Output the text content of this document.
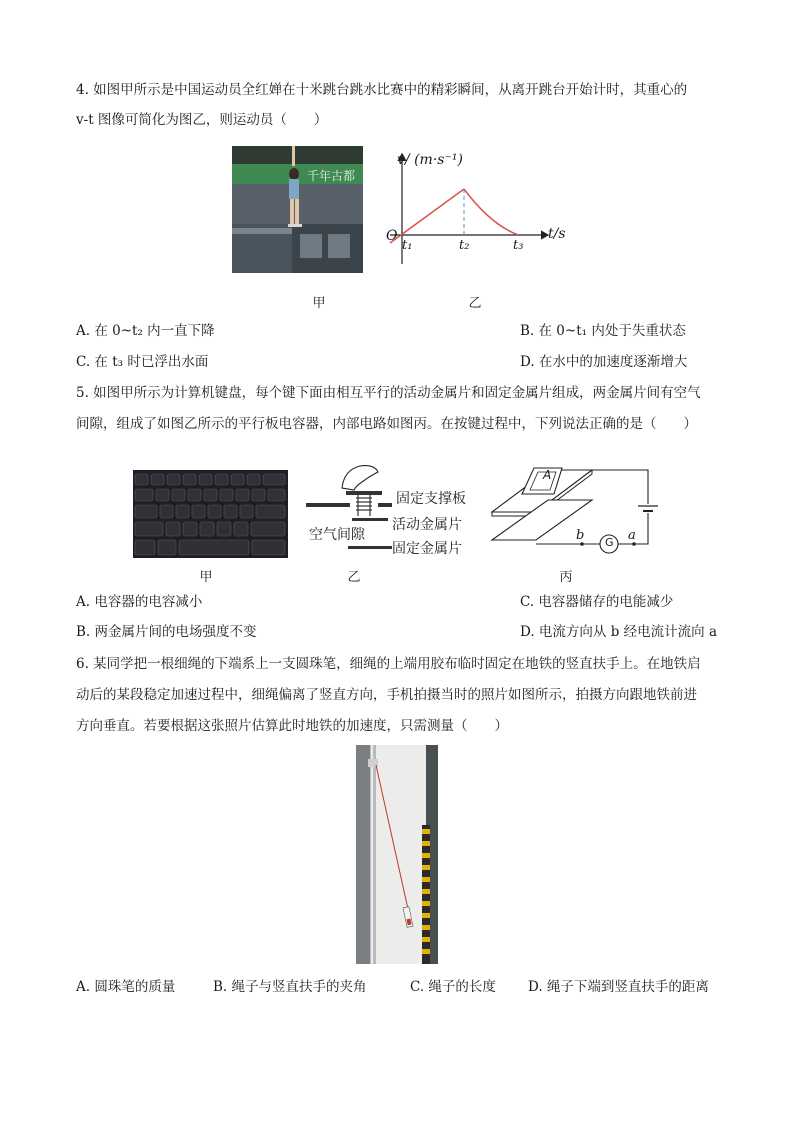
4. 如图甲所示是中国运动员全红婵在十米跳台跳水比赛中的精彩瞬间，从离开跳台开始计时，其重心的
v-t 图像可简化为图乙，则运动员（　　）
千年古都
v/ (m·s⁻¹)
t/s
O
t₁	t₂	t₃
甲	乙
A. 在 0~t₂ 内一直下降	B. 在 0~t₁ 内处于失重状态
C. 在 t₃ 时已浮出水面	D. 在水中的加速度逐渐增大
5. 如图甲所示为计算机键盘，每个键下面由相互平行的活动金属片和固定金属片组成，两金属片间有空气
间隙，组成了如图乙所示的平行板电容器，内部电路如图丙。在按键过程中，下列说法正确的是（　　）
固定支撑板
空气间隙
活动金属片
固定金属片
A
b G a
甲	乙	丙
A. 电容器的电容减小	C. 电容器储存的电能减少
B. 两金属片间的电场强度不变	D. 电流方向从 b 经电流计流向 a
6. 某同学把一根细绳的下端系上一支圆珠笔，细绳的上端用胶布临时固定在地铁的竖直扶手上。在地铁启
动后的某段稳定加速过程中，细绳偏离了竖直方向，手机拍摄当时的照片如图所示，拍摄方向跟地铁前进
方向垂直。若要根据这张照片估算此时地铁的加速度，只需测量（　　）
A. 圆珠笔的质量	B. 绳子与竖直扶手的夹角	C. 绳子的长度 D. 绳子下端到竖直扶手的距离
